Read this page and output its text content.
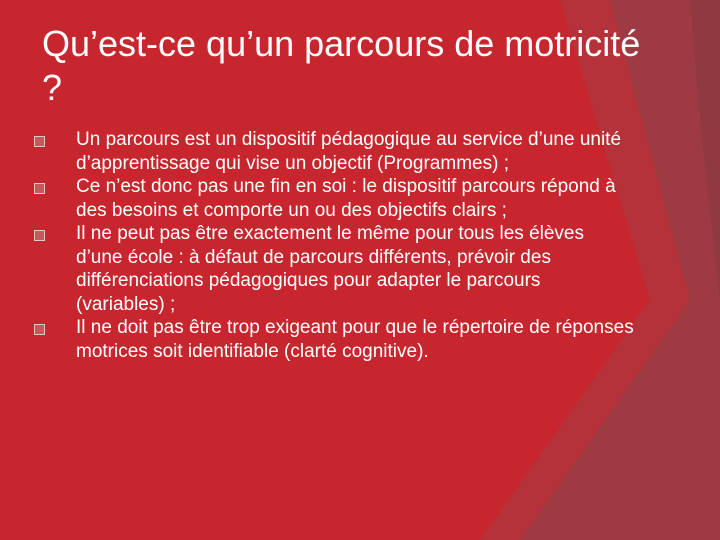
Qu’est-ce qu’un parcours de motricité ?
Un parcours est un dispositif pédagogique au service d’une unité d’apprentissage qui vise un objectif (Programmes) ;
Ce n’est donc pas une fin en soi : le dispositif parcours répond à des besoins et comporte un ou des objectifs clairs ;
Il ne peut pas être exactement le même pour tous les élèves d’une école : à défaut de parcours différents, prévoir des différenciations pédagogiques pour adapter le parcours (variables) ;
Il ne doit pas être trop exigeant pour que le répertoire de réponses motrices soit identifiable (clarté cognitive).
